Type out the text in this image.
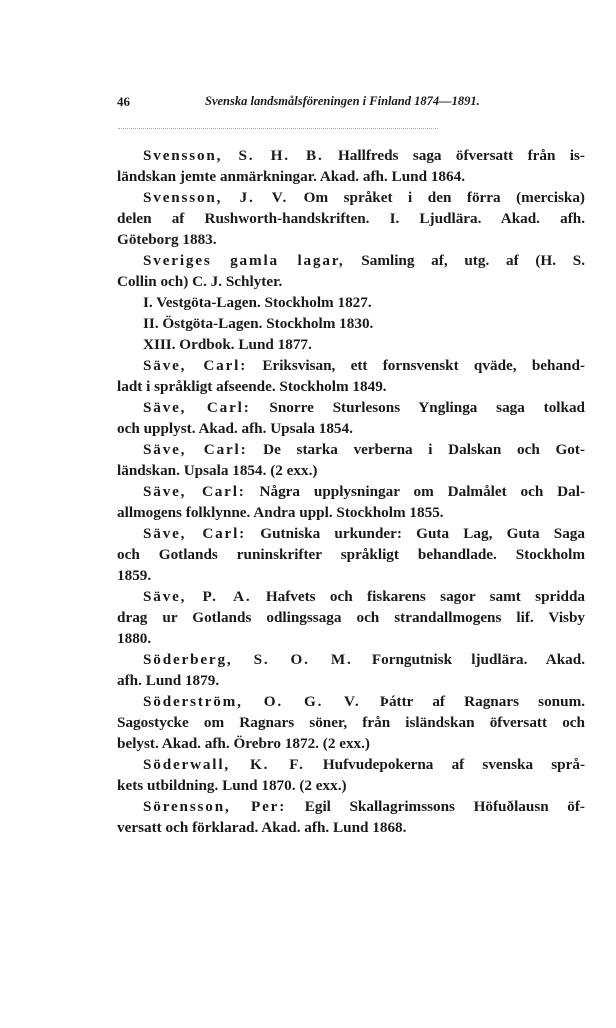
46	Svenska landsmålsföreningen i Finland 1874—1891.
Svensson, S. H. B. Hallfreds saga öfversatt från is-
ländskan jemte anmärkningar. Akad. afh. Lund 1864.
Svensson, J. V. Om språket i den förra (merciska)
delen af Rushworth-handskriften. I. Ljudlära. Akad. afh.
Göteborg 1883.
Sveriges gamla lagar, Samling af, utg. af (H. S.
Collin och) C. J. Schlyter.
I. Vestgöta-Lagen. Stockholm 1827.
II. Östgöta-Lagen. Stockholm 1830.
XIII. Ordbok. Lund 1877.
Säve, Carl: Eriksvisan, ett fornsvenskt qväde, behand-
ladt i språkligt afseende. Stockholm 1849.
Säve, Carl: Snorre Sturlesons Ynglinga saga tolkad
och upplyst. Akad. afh. Upsala 1854.
Säve, Carl: De starka verberna i Dalskan och Got-
ländskan. Upsala 1854. (2 exx.)
Säve, Carl: Några upplysningar om Dalmålet och Dal-
allmogens folklynne. Andra uppl. Stockholm 1855.
Säve, Carl: Gutniska urkunder: Guta Lag, Guta Saga
och Gotlands runinskrifter språkligt behandlade. Stockholm
1859.
Säve, P. A. Hafvets och fiskarens sagor samt spridda
drag ur Gotlands odlingssaga och strandallmogens lif. Visby
1880.
Söderberg, S. O. M. Forngutnisk ljudlära. Akad.
afh. Lund 1879.
Söderström, O. G. V. Þáttr af Ragnars sonum.
Sagostycke om Ragnars söner, från isländskan öfversatt och
belyst. Akad. afh. Örebro 1872. (2 exx.)
Söderwall, K. F. Hufvudepokerna af svenska språ-
kets utbildning. Lund 1870. (2 exx.)
Sörensson, Per: Egil Skallagrimssons Höfuðlausn öf-
versatt och förklarad. Akad. afh. Lund 1868.
